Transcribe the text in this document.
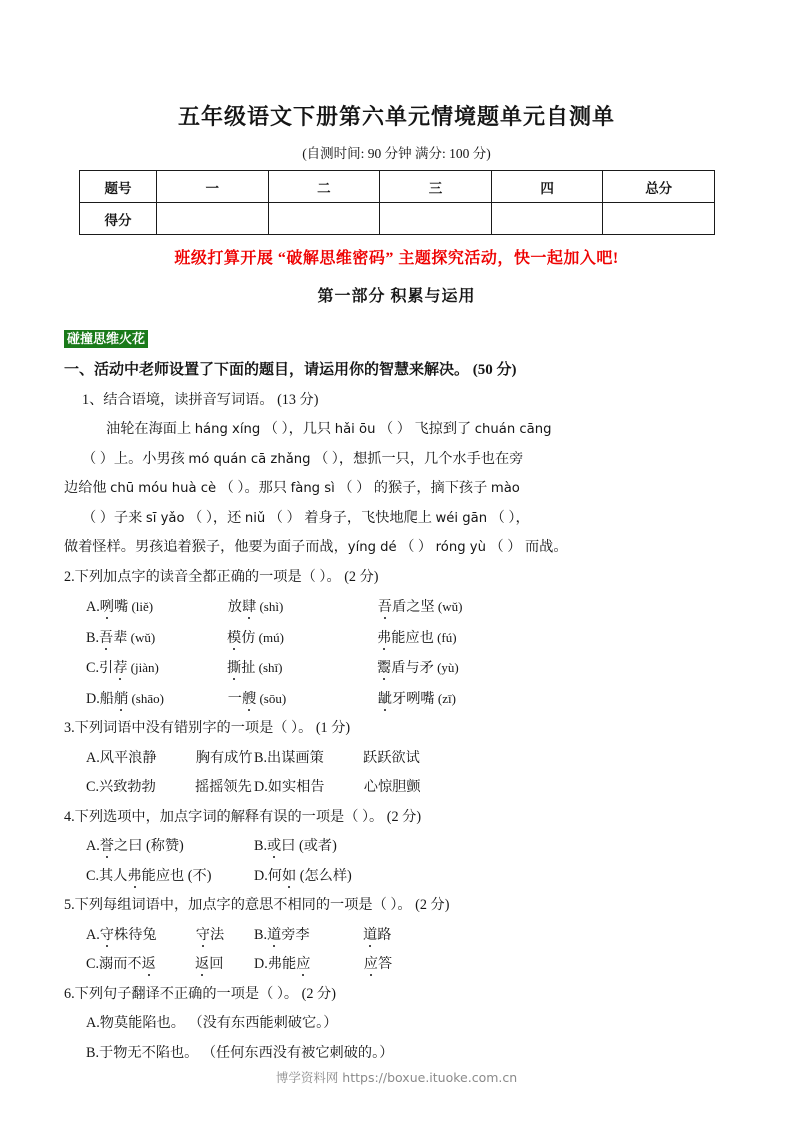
五年级语文下册第六单元情境题单元自测单
(自测时间: 90 分钟 满分: 100 分)
题号	一	二	三	四	总分
得分					
班级打算开展 “破解思维密码” 主题探究活动，快一起加入吧!
第一部分 积累与运用
碰撞思维火花

一、活动中老师设置了下面的题目，请运用你的智慧来解决。 (50 分)

1、结合语境，读拼音写词语。 (13 分)

油轮在海面上 háng xíng （ ），几只 hǎi ōu （ ） 飞掠到了 chuán cāng

（ ）上。小男孩 mó quán cā zhǎng （ ），想抓一只，几个水手也在旁

边给他 chū móu huà cè （ ）。那只 fàng sì （ ） 的猴子，摘下孩子 mào

（ ）子来 sī yǎo （ ），还 niǔ （ ） 着身子，飞快地爬上 wéi gān （ ），

做着怪样。男孩追着猴子，他要为面子而战，yíng dé （ ） róng yù （ ） 而战。

2.下列加点字的读音全都正确的一项是（ ）。 (2 分)

A.咧嘴 (liě)	放肆 (shì)	吾盾之坚 (wǔ)

B.吾辈 (wǔ)	模仿 (mú)	弗能应也 (fú)

C.引荐 (jiàn)	撕扯 (shī)	鬻盾与矛 (yù)

D.船艄 (shāo)	一艘 (sōu)	龇牙咧嘴 (zī)

3.下列词语中没有错别字的一项是（ ）。 (1 分)

A.风平浪静	胸有成竹B.出谋画策	跃跃欲试

C.兴致勃勃	摇摇领先 D.如实相告	心惊胆颤

4.下列选项中，加点字词的解释有误的一项是（ ）。 (2 分)

A.誉之曰 (称赞)	B.或曰 (或者)

C.其人弗能应也 (不)	D.何如 (怎么样)

5.下列每组词语中，加点字的意思不相同的一项是（ ）。 (2 分)

A.守株待兔	守法 B.道旁李	道路

C.溺而不返	返回 D.弗能应	应答

6.下列句子翻译不正确的一项是（ ）。 (2 分)

A.物莫能陷也。 （没有东西能刺破它。）

B.于物无不陷也。 （任何东西没有被它刺破的。）

博学资料网 https://boxue.ituoke.com.cn
